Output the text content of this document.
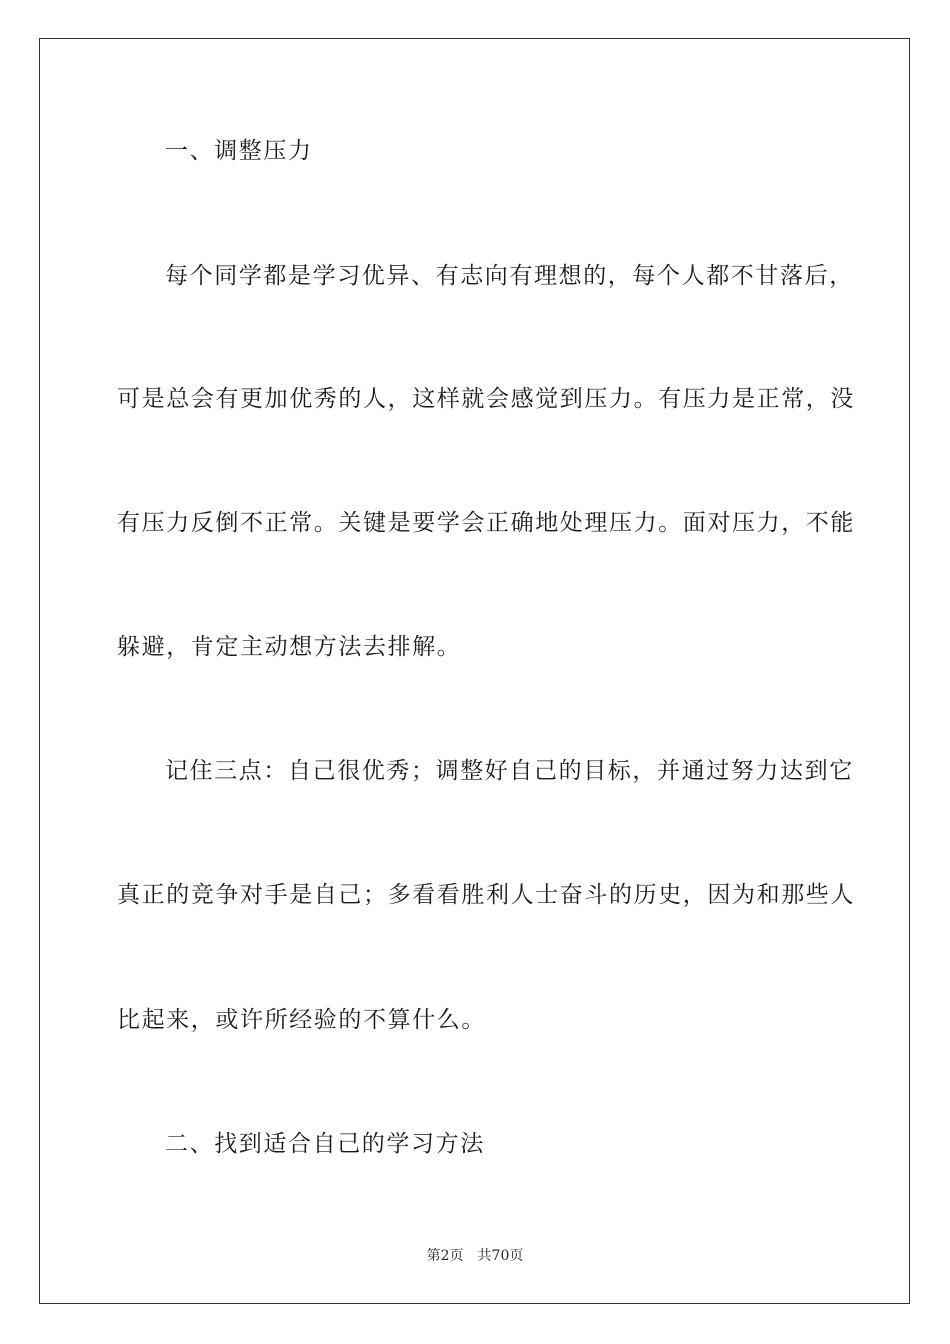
一、调整压力
每个同学都是学习优异、有志向有理想的，每个人都不甘落后，
可是总会有更加优秀的人，这样就会感觉到压力。有压力是正常，没
有压力反倒不正常。关键是要学会正确地处理压力。面对压力，不能
躲避，肯定主动想方法去排解。
记住三点：自己很优秀；调整好自己的目标，并通过努力达到它
真正的竞争对手是自己；多看看胜利人士奋斗的历史，因为和那些人
比起来，或许所经验的不算什么。
二、找到适合自己的学习方法
第2页 共70页
